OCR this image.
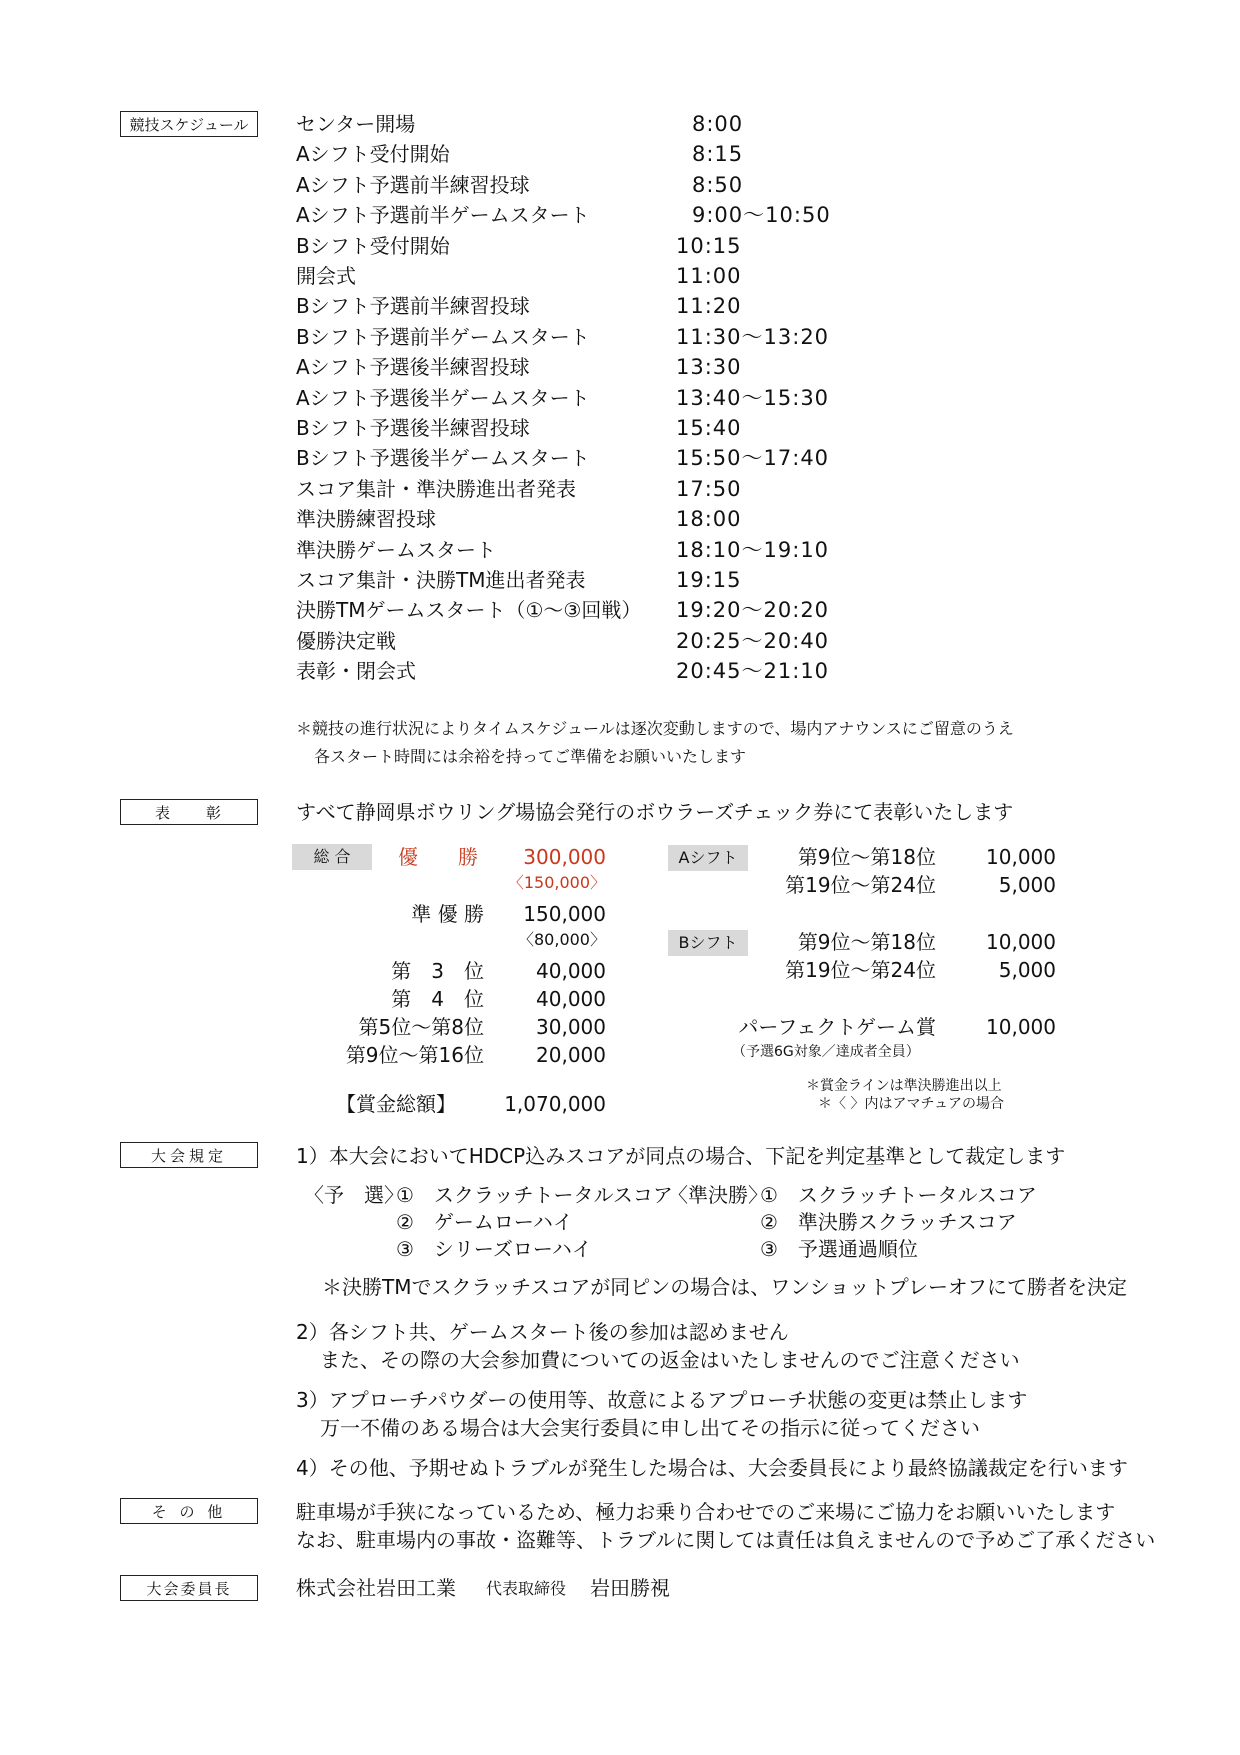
競技スケジュール	センター開場	8:00
Aシフト受付開始	8:15
Aシフト予選前半練習投球	8:50
Aシフト予選前半ゲームスタート	9:00～10:50
Bシフト受付開始	10:15
開会式	11:00
Bシフト予選前半練習投球	11:20
Bシフト予選前半ゲームスタート	11:30～13:20
Aシフト予選後半練習投球	13:30
Aシフト予選後半ゲームスタート	13:40～15:30
Bシフト予選後半練習投球	15:40
Bシフト予選後半ゲームスタート	15:50～17:40
スコア集計・準決勝進出者発表	17:50
準決勝練習投球	18:00
準決勝ゲームスタート	18:10～19:10
スコア集計・決勝TM進出者発表	19:15
決勝TMゲームスタート（①～③回戦） 19:20～20:20
優勝決定戦	20:25～20:40
表彰・閉会式	20:45～21:10
＊競技の進行状況によりタイムスケジュールは逐次変動しますので、場内アナウンスにご留意のうえ
各スタート時間には余裕を持ってご準備をお願いいたします
表　　彰	すべて静岡県ボウリング場協会発行のボウラーズチェック券にて表彰いたします
総 合	優　　勝	300,000
〈150,000〉
準 優 勝	150,000
〈80,000〉
第　3　位	40,000
第　4　位	40,000
第5位～第8位	30,000
第9位～第16位	20,000
【賞金総額】	1,070,000
Aシフト	第9位～第18位	10,000
第19位～第24位	5,000
Bシフト	第9位～第18位	10,000
第19位～第24位	5,000
パーフェクトゲーム賞	10,000
（予選6G対象／達成者全員）
＊賞金ラインは準決勝進出以上
＊〈 〉内はアマチュアの場合
大会規定	1）本大会においてHDCP込みスコアが同点の場合、下記を判定基準として裁定します
〈予　選〉
①　スクラッチトータルスコア
②　ゲームローハイ
③　シリーズローハイ
〈準決勝〉
①　スクラッチトータルスコア
②　準決勝スクラッチスコア
③　予選通過順位
＊決勝TMでスクラッチスコアが同ピンの場合は、ワンショットプレーオフにて勝者を決定
2）各シフト共、ゲームスタート後の参加は認めません
また、その際の大会参加費についての返金はいたしませんのでご注意ください
3）アプローチパウダーの使用等、故意によるアプローチ状態の変更は禁止します
万一不備のある場合は大会実行委員に申し出てその指示に従ってください
4）その他、予期せぬトラブルが発生した場合は、大会委員長により最終協議裁定を行います
そ の 他	駐車場が手狭になっているため、極力お乗り合わせでのご来場にご協力をお願いいたします
なお、駐車場内の事故・盗難等、トラブルに関しては責任は負えませんので予めご了承ください
大会委員長	株式会社岩田工業 代表取締役 岩田勝視
